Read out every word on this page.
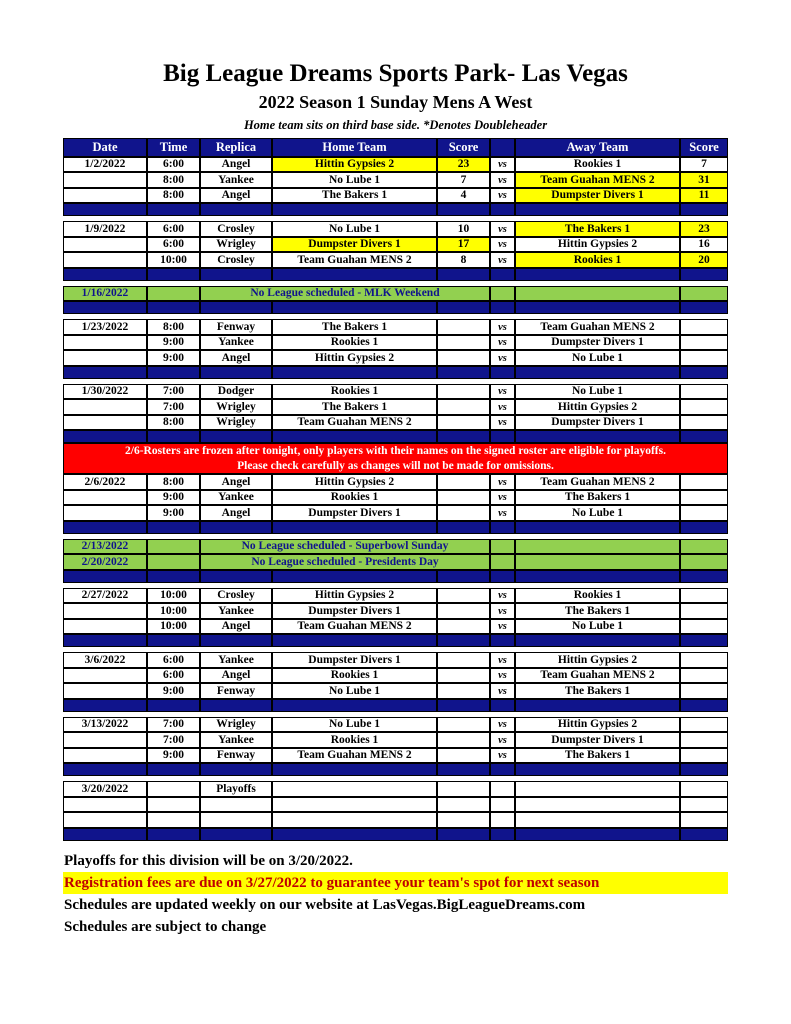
Big League Dreams Sports Park- Las Vegas
2022 Season 1 Sunday Mens A West
Home team sits on third base side. *Denotes Doubleheader
Date	Time	Replica	Home Team	Score	Away Team	Score
1/2/2022	6:00	Angel	Hittin Gypsies 2	23	vs	Rookies 1	7
8:00	Yankee	No Lube 1	7	vs	Team Guahan MENS 2	31
8:00	Angel	The Bakers 1	4	vs	Dumpster Divers 1	11
1/9/2022	6:00	Crosley	No Lube 1	10	vs	The Bakers 1	23
6:00	Wrigley	Dumpster Divers 1	17	vs	Hittin Gypsies 2	16
10:00	Crosley	Team Guahan MENS 2	8	vs	Rookies 1	20
1/16/2022	No League scheduled - MLK Weekend
1/23/2022	8:00	Fenway	The Bakers 1	vs	Team Guahan MENS 2
9:00	Yankee	Rookies 1	vs	Dumpster Divers 1
9:00	Angel	Hittin Gypsies 2	vs	No Lube 1
1/30/2022	7:00	Dodger	Rookies 1	vs	No Lube 1
7:00	Wrigley	The Bakers 1	vs	Hittin Gypsies 2
8:00	Wrigley	Team Guahan MENS 2	vs	Dumpster Divers 1
2/6-Rosters are frozen after tonight, only players with their names on the signed roster are eligible for playoffs.
Please check carefully as changes will not be made for omissions.
2/6/2022	8:00	Angel	Hittin Gypsies 2	vs	Team Guahan MENS 2
9:00	Yankee	Rookies 1	vs	The Bakers 1
9:00	Angel	Dumpster Divers 1	vs	No Lube 1
2/13/2022	No League scheduled - Superbowl Sunday
2/20/2022	No League scheduled - Presidents Day
2/27/2022	10:00	Crosley	Hittin Gypsies 2	vs	Rookies 1
10:00	Yankee	Dumpster Divers 1	vs	The Bakers 1
10:00	Angel	Team Guahan MENS 2	vs	No Lube 1
3/6/2022	6:00	Yankee	Dumpster Divers 1	vs	Hittin Gypsies 2
6:00	Angel	Rookies 1	vs	Team Guahan MENS 2
9:00	Fenway	No Lube 1	vs	The Bakers 1
3/13/2022	7:00	Wrigley	No Lube 1	vs	Hittin Gypsies 2
7:00	Yankee	Rookies 1	vs	Dumpster Divers 1
9:00	Fenway	Team Guahan MENS 2	vs	The Bakers 1
3/20/2022	Playoffs
Playoffs for this division will be on 3/20/2022.
Registration fees are due on 3/27/2022 to guarantee your team's spot for next season
Schedules are updated weekly on our website at LasVegas.BigLeagueDreams.com
Schedules are subject to change
